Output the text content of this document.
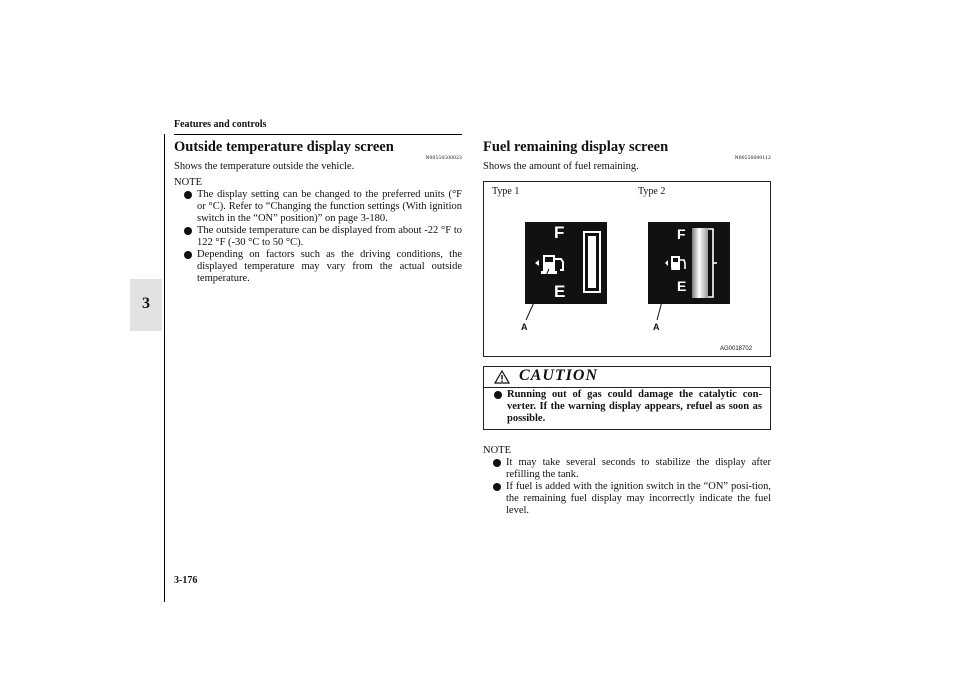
Features and controls
3
Outside temperature display screen
N00556500023
Shows the temperature outside the vehicle.
NOTE
The display setting can be changed to the preferred units (°F or °C). Refer to “Changing the function settings (With ignition switch in the “ON” position)” on page 3-180.
The outside temperature can be displayed from about -22 °F to 122 °F (-30 °C to 50 °C).
Depending on factors such as the driving conditions, the displayed temperature may vary from the actual outside temperature.
Fuel remaining display screen
N00556600112
Shows the amount of fuel remaining.
Type 1	Type 2
F
E
F
E
A	A
AG0018702
CAUTION
Running out of gas could damage the catalytic con-verter. If the warning display appears, refuel as soon as possible.
NOTE
It may take several seconds to stabilize the display after refilling the tank.
If fuel is added with the ignition switch in the “ON” posi-tion, the remaining fuel display may incorrectly indicate the fuel level.
3-176
